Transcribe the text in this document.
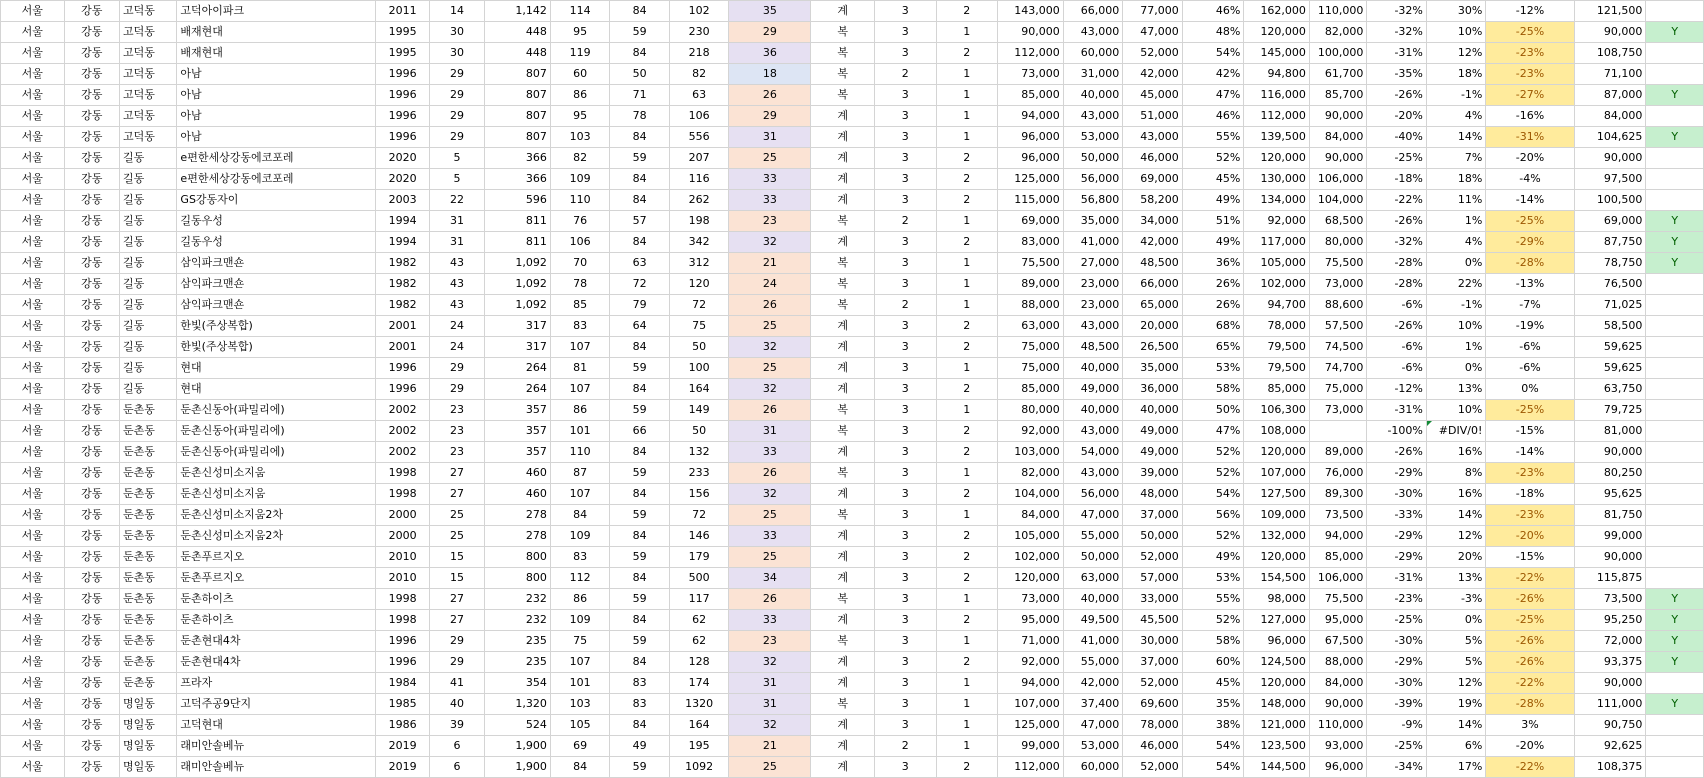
서울	강동	고덕동	고덕아이파크	2011	14	1,142	114	84	102	35	계	3	2	143,000	66,000	77,000	46%	162,000	110,000	-32%	30%	-12%	121,500	
서울	강동	고덕동	배재현대	1995	30	448	95	59	230	29	복	3	1	90,000	43,000	47,000	48%	120,000	82,000	-32%	10%	-25%	90,000	Y
서울	강동	고덕동	배재현대	1995	30	448	119	84	218	36	복	3	2	112,000	60,000	52,000	54%	145,000	100,000	-31%	12%	-23%	108,750	
서울	강동	고덕동	아남	1996	29	807	60	50	82	18	복	2	1	73,000	31,000	42,000	42%	94,800	61,700	-35%	18%	-23%	71,100	
서울	강동	고덕동	아남	1996	29	807	86	71	63	26	복	3	1	85,000	40,000	45,000	47%	116,000	85,700	-26%	-1%	-27%	87,000	Y
서울	강동	고덕동	아남	1996	29	807	95	78	106	29	계	3	1	94,000	43,000	51,000	46%	112,000	90,000	-20%	4%	-16%	84,000	
서울	강동	고덕동	아남	1996	29	807	103	84	556	31	계	3	1	96,000	53,000	43,000	55%	139,500	84,000	-40%	14%	-31%	104,625	Y
서울	강동	길동	e편한세상강동에코포레	2020	5	366	82	59	207	25	계	3	2	96,000	50,000	46,000	52%	120,000	90,000	-25%	7%	-20%	90,000	
서울	강동	길동	e편한세상강동에코포레	2020	5	366	109	84	116	33	계	3	2	125,000	56,000	69,000	45%	130,000	106,000	-18%	18%	-4%	97,500	
서울	강동	길동	GS강동자이	2003	22	596	110	84	262	33	계	3	2	115,000	56,800	58,200	49%	134,000	104,000	-22%	11%	-14%	100,500	
서울	강동	길동	길동우성	1994	31	811	76	57	198	23	복	2	1	69,000	35,000	34,000	51%	92,000	68,500	-26%	1%	-25%	69,000	Y
서울	강동	길동	길동우성	1994	31	811	106	84	342	32	계	3	2	83,000	41,000	42,000	49%	117,000	80,000	-32%	4%	-29%	87,750	Y
서울	강동	길동	삼익파크맨숀	1982	43	1,092	70	63	312	21	복	3	1	75,500	27,000	48,500	36%	105,000	75,500	-28%	0%	-28%	78,750	Y
서울	강동	길동	삼익파크맨숀	1982	43	1,092	78	72	120	24	복	3	1	89,000	23,000	66,000	26%	102,000	73,000	-28%	22%	-13%	76,500	
서울	강동	길동	삼익파크맨숀	1982	43	1,092	85	79	72	26	복	2	1	88,000	23,000	65,000	26%	94,700	88,600	-6%	-1%	-7%	71,025	
서울	강동	길동	한빛(주상복합)	2001	24	317	83	64	75	25	계	3	2	63,000	43,000	20,000	68%	78,000	57,500	-26%	10%	-19%	58,500	
서울	강동	길동	한빛(주상복합)	2001	24	317	107	84	50	32	계	3	2	75,000	48,500	26,500	65%	79,500	74,500	-6%	1%	-6%	59,625	
서울	강동	길동	현대	1996	29	264	81	59	100	25	계	3	1	75,000	40,000	35,000	53%	79,500	74,700	-6%	0%	-6%	59,625	
서울	강동	길동	현대	1996	29	264	107	84	164	32	계	3	2	85,000	49,000	36,000	58%	85,000	75,000	-12%	13%	0%	63,750	
서울	강동	둔촌동	둔촌신동아(파밀리에)	2002	23	357	86	59	149	26	복	3	1	80,000	40,000	40,000	50%	106,300	73,000	-31%	10%	-25%	79,725	
서울	강동	둔촌동	둔촌신동아(파밀리에)	2002	23	357	101	66	50	31	복	3	2	92,000	43,000	49,000	47%	108,000		-100%	#DIV/0!	-15%	81,000	
서울	강동	둔촌동	둔촌신동아(파밀리에)	2002	23	357	110	84	132	33	계	3	2	103,000	54,000	49,000	52%	120,000	89,000	-26%	16%	-14%	90,000	
서울	강동	둔촌동	둔촌신성미소지움	1998	27	460	87	59	233	26	복	3	1	82,000	43,000	39,000	52%	107,000	76,000	-29%	8%	-23%	80,250	
서울	강동	둔촌동	둔촌신성미소지움	1998	27	460	107	84	156	32	계	3	2	104,000	56,000	48,000	54%	127,500	89,300	-30%	16%	-18%	95,625	
서울	강동	둔촌동	둔촌신성미소지움2차	2000	25	278	84	59	72	25	복	3	1	84,000	47,000	37,000	56%	109,000	73,500	-33%	14%	-23%	81,750	
서울	강동	둔촌동	둔촌신성미소지움2차	2000	25	278	109	84	146	33	계	3	2	105,000	55,000	50,000	52%	132,000	94,000	-29%	12%	-20%	99,000	
서울	강동	둔촌동	둔촌푸르지오	2010	15	800	83	59	179	25	계	3	2	102,000	50,000	52,000	49%	120,000	85,000	-29%	20%	-15%	90,000	
서울	강동	둔촌동	둔촌푸르지오	2010	15	800	112	84	500	34	계	3	2	120,000	63,000	57,000	53%	154,500	106,000	-31%	13%	-22%	115,875	
서울	강동	둔촌동	둔촌하이츠	1998	27	232	86	59	117	26	복	3	1	73,000	40,000	33,000	55%	98,000	75,500	-23%	-3%	-26%	73,500	Y
서울	강동	둔촌동	둔촌하이츠	1998	27	232	109	84	62	33	계	3	2	95,000	49,500	45,500	52%	127,000	95,000	-25%	0%	-25%	95,250	Y
서울	강동	둔촌동	둔촌현대4차	1996	29	235	75	59	62	23	복	3	1	71,000	41,000	30,000	58%	96,000	67,500	-30%	5%	-26%	72,000	Y
서울	강동	둔촌동	둔촌현대4차	1996	29	235	107	84	128	32	계	3	2	92,000	55,000	37,000	60%	124,500	88,000	-29%	5%	-26%	93,375	Y
서울	강동	둔촌동	프라자	1984	41	354	101	83	174	31	계	3	1	94,000	42,000	52,000	45%	120,000	84,000	-30%	12%	-22%	90,000	
서울	강동	명일동	고덕주공9단지	1985	40	1,320	103	83	1320	31	복	3	1	107,000	37,400	69,600	35%	148,000	90,000	-39%	19%	-28%	111,000	Y
서울	강동	명일동	고덕현대	1986	39	524	105	84	164	32	계	3	1	125,000	47,000	78,000	38%	121,000	110,000	-9%	14%	3%	90,750	
서울	강동	명일동	래미안솔베뉴	2019	6	1,900	69	49	195	21	계	2	1	99,000	53,000	46,000	54%	123,500	93,000	-25%	6%	-20%	92,625	
서울	강동	명일동	래미안솔베뉴	2019	6	1,900	84	59	1092	25	계	3	2	112,000	60,000	52,000	54%	144,500	96,000	-34%	17%	-22%	108,375	
